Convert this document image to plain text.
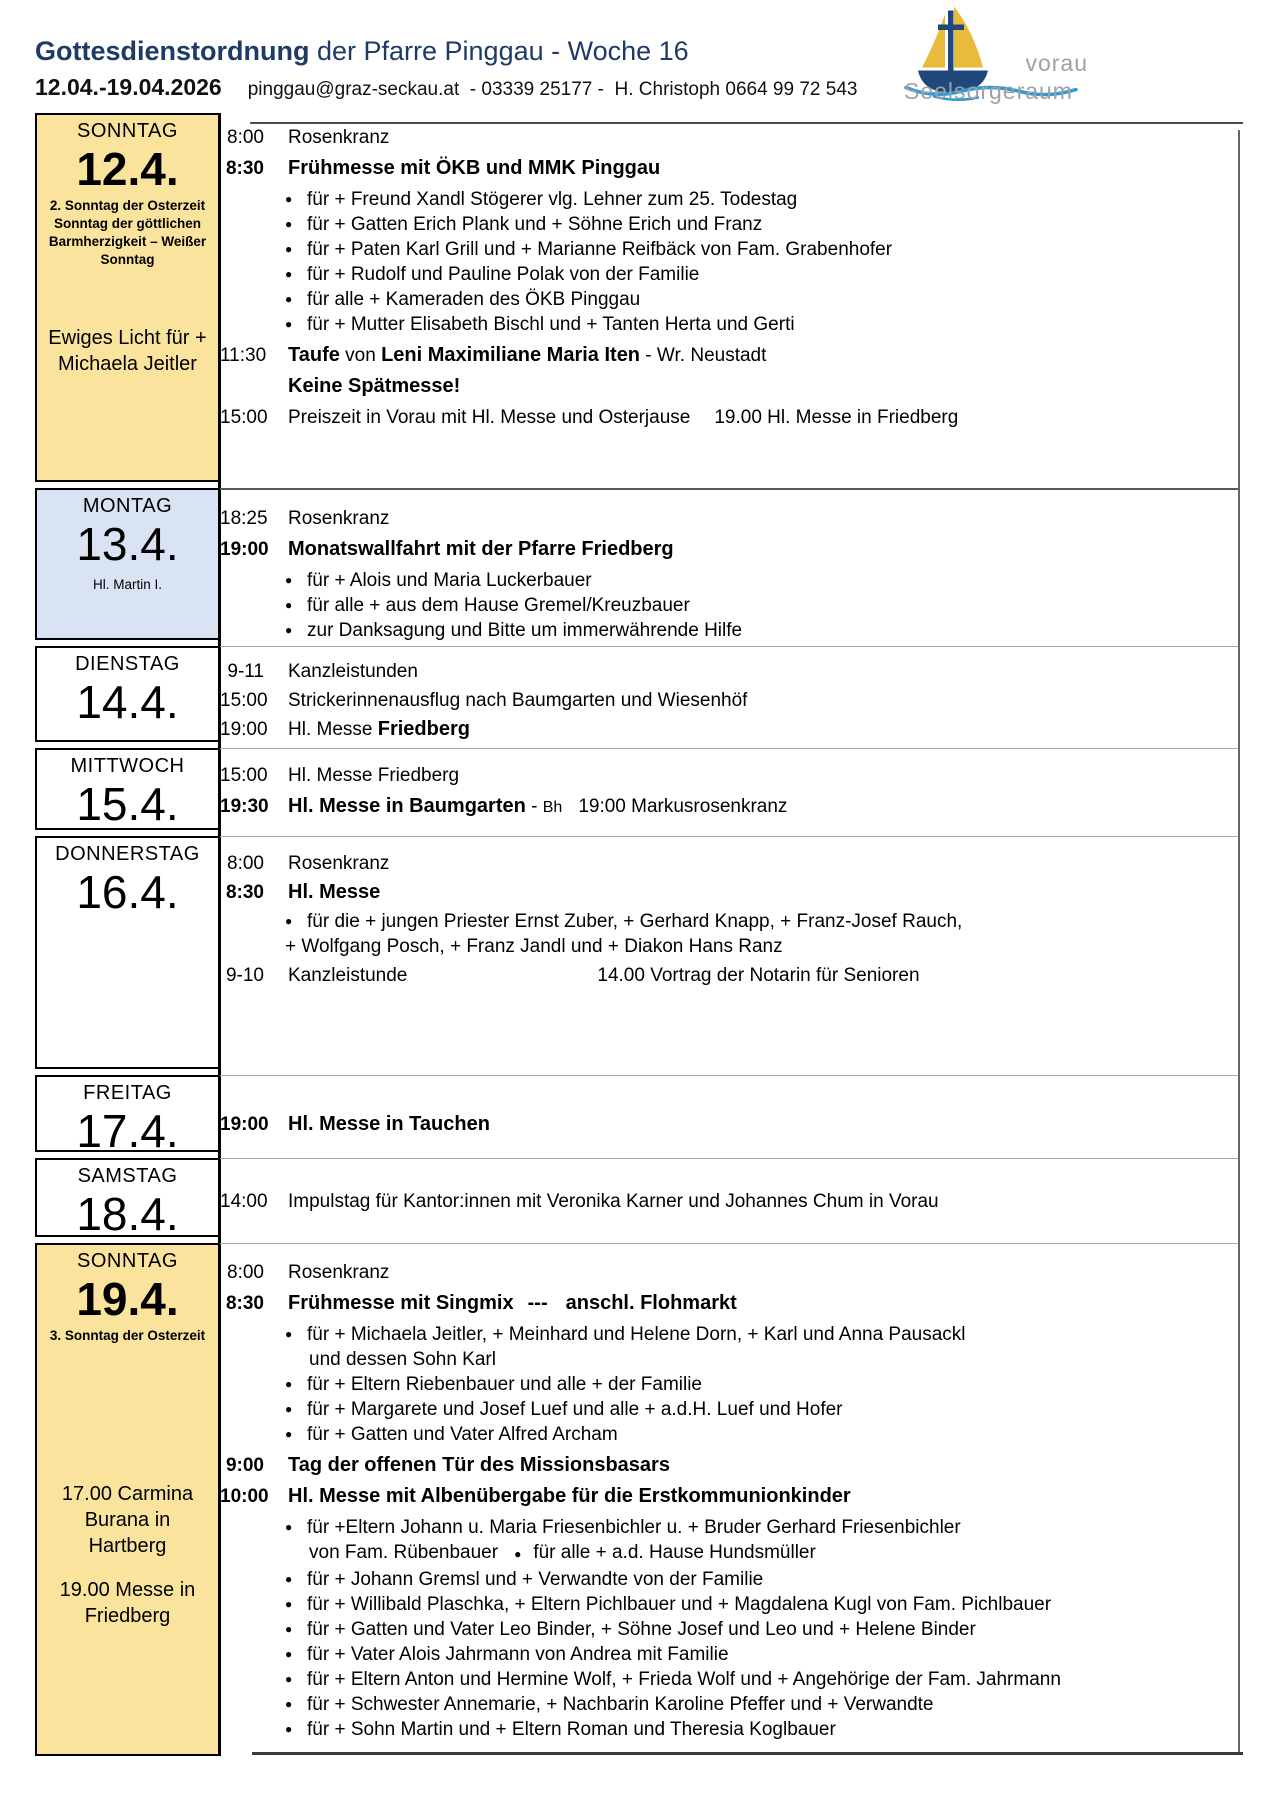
Gottesdienstordnung der Pfarre Pinggau - Woche 16
12.04.-19.04.2026 pinggau@graz-seckau.at  - 03339 25177 -  H. Christoph 0664 99 72 543
vorau
Seelsorgeraum
SONNTAG
12.4.
2. Sonntag der Osterzeit Sonntag der göttlichen Barmherzigkeit – Weißer Sonntag
Ewiges Licht für + Michaela Jeitler
8:00 Rosenkranz
8:30 Frühmesse mit ÖKB und MMK Pinggau
● für + Freund Xandl Stögerer vlg. Lehner zum 25. Todestag
● für + Gatten Erich Plank und + Söhne Erich und Franz
● für + Paten Karl Grill und + Marianne Reifbäck von Fam. Grabenhofer
● für + Rudolf und Pauline Polak von der Familie
● für alle + Kameraden des ÖKB Pinggau
● für + Mutter Elisabeth Bischl und + Tanten Herta und Gerti
11:30 Taufe von Leni Maximiliane Maria Iten - Wr. Neustadt
Keine Spätmesse!
15:00 Preiszeit in Vorau mit Hl. Messe und Osterjause 19.00 Hl. Messe in Friedberg
MONTAG
13.4.
Hl. Martin I.
18:25 Rosenkranz
19:00 Monatswallfahrt mit der Pfarre Friedberg
● für + Alois und Maria Luckerbauer
● für alle + aus dem Hause Gremel/Kreuzbauer
● zur Danksagung und Bitte um immerwährende Hilfe
DIENSTAG
14.4.
9-11 Kanzleistunden
15:00 Strickerinnenausflug nach Baumgarten und Wiesenhöf
19:00 Hl. Messe Friedberg
MITTWOCH
15.4.
15:00 Hl. Messe Friedberg
19:30 Hl. Messe in Baumgarten - Bh 19:00 Markusrosenkranz
DONNERSTAG
16.4.
8:00 Rosenkranz
8:30 Hl. Messe
● für die + jungen Priester Ernst Zuber, + Gerhard Knapp, + Franz-Josef Rauch,
+ Wolfgang Posch, + Franz Jandl und + Diakon Hans Ranz
9-10 Kanzleistunde	14.00 Vortrag der Notarin für Senioren
FREITAG
17.4.	19:00 Hl. Messe in Tauchen
SAMSTAG
18.4.	14:00 Impulstag für Kantor:innen mit Veronika Karner und Johannes Chum in Vorau
SONNTAG
19.4.
3. Sonntag der Osterzeit
17.00 Carmina Burana in Hartberg
19.00 Messe in Friedberg
8:00 Rosenkranz
8:30 Frühmesse mit Singmix --- anschl. Flohmarkt
● für + Michaela Jeitler, + Meinhard und Helene Dorn, + Karl und Anna Pausackl
und dessen Sohn Karl
● für + Eltern Riebenbauer und alle + der Familie
● für + Margarete und Josef Luef und alle + a.d.H. Luef und Hofer
● für + Gatten und Vater Alfred Archam
9:00 Tag der offenen Tür des Missionsbasars
10:00 Hl. Messe mit Albenübergabe für die Erstkommunionkinder
● für +Eltern Johann u. Maria Friesenbichler u. + Bruder Gerhard Friesenbichler
von Fam. Rübenbauer ● für alle + a.d. Hause Hundsmüller
● für + Johann Gremsl und + Verwandte von der Familie
● für + Willibald Plaschka, + Eltern Pichlbauer und + Magdalena Kugl von Fam. Pichlbauer
● für + Gatten und Vater Leo Binder, + Söhne Josef und Leo und + Helene Binder
● für + Vater Alois Jahrmann von Andrea mit Familie
● für + Eltern Anton und Hermine Wolf, + Frieda Wolf und + Angehörige der Fam. Jahrmann
● für + Schwester Annemarie, + Nachbarin Karoline Pfeffer und + Verwandte
● für + Sohn Martin und + Eltern Roman und Theresia Koglbauer
